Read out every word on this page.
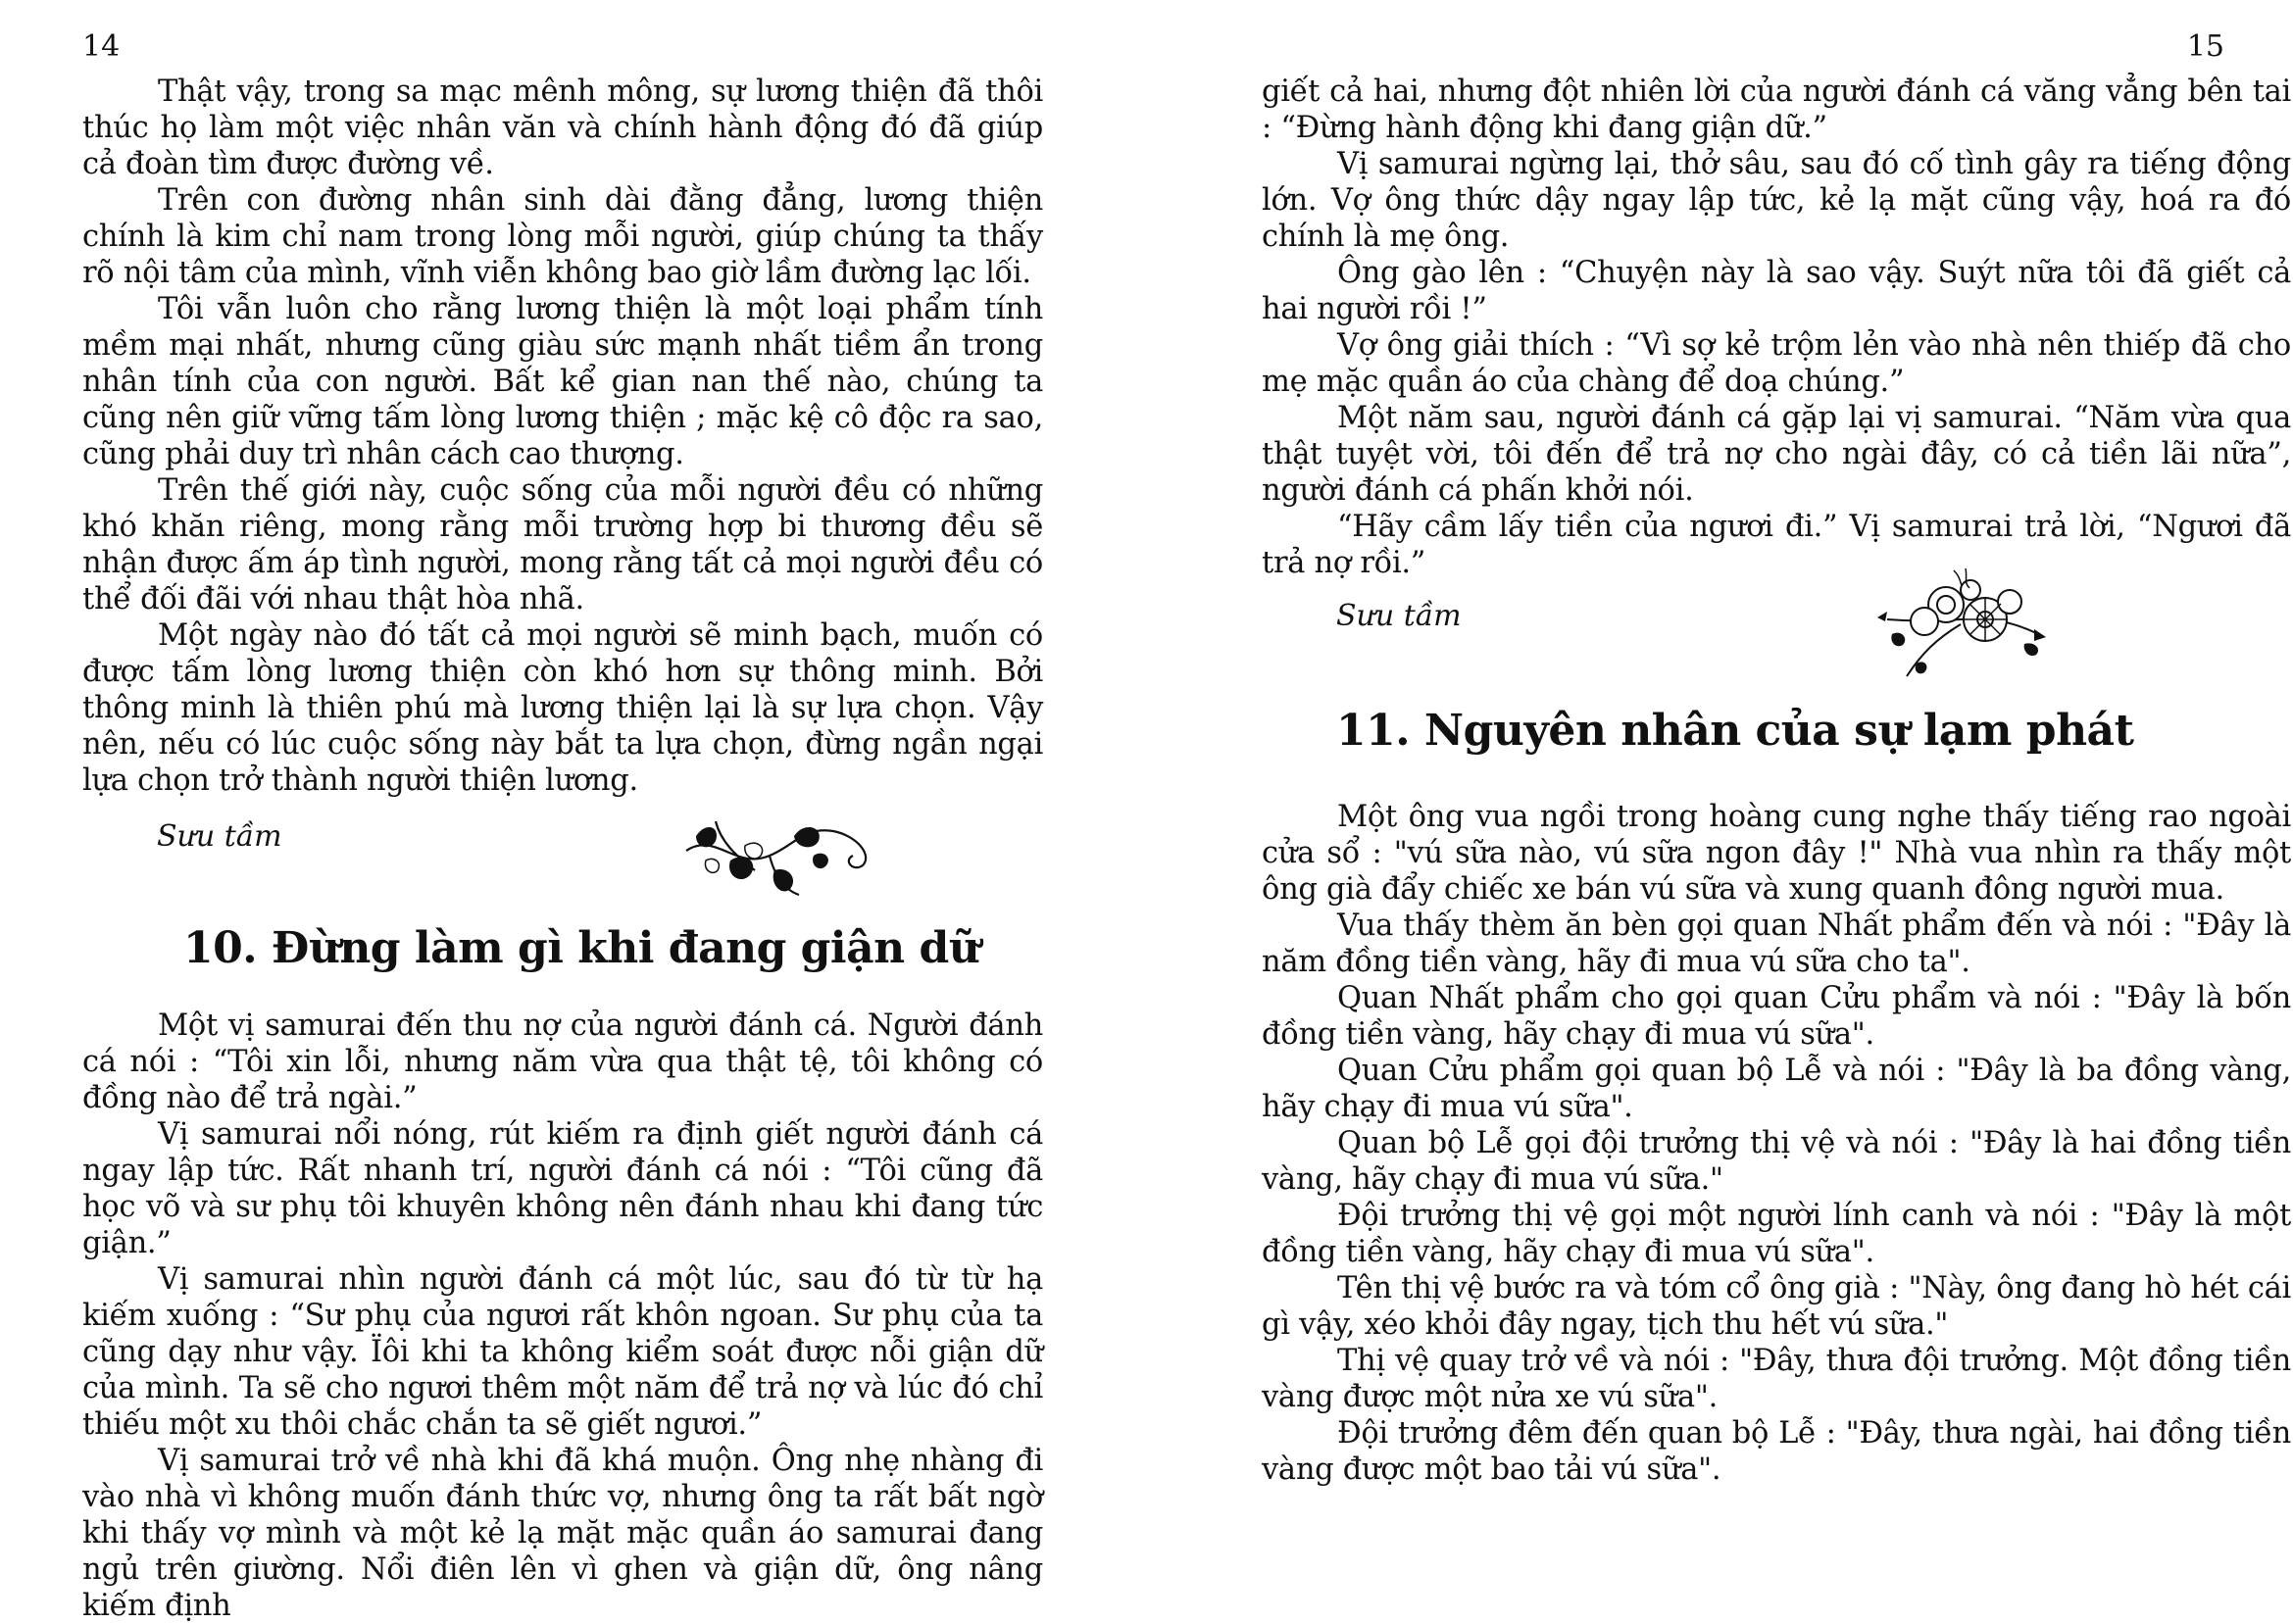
14

Thật vậy, trong sa mạc mênh mông, sự lương thiện đã thôi thúc họ làm một việc nhân văn và chính hành động đó đã giúp cả đoàn tìm được đường về.

Trên con đường nhân sinh dài đằng đẳng, lương thiện chính là kim chỉ nam trong lòng mỗi người, giúp chúng ta thấy rõ nội tâm của mình, vĩnh viễn không bao giờ lầm đường lạc lối.

Tôi vẫn luôn cho rằng lương thiện là một loại phẩm tính mềm mại nhất, nhưng cũng giàu sức mạnh nhất tiềm ẩn trong nhân tính của con người. Bất kể gian nan thế nào, chúng ta cũng nên giữ vững tấm lòng lương thiện ; mặc kệ cô độc ra sao, cũng phải duy trì nhân cách cao thượng.

Trên thế giới này, cuộc sống của mỗi người đều có những khó khăn riêng, mong rằng mỗi trường hợp bi thương đều sẽ nhận được ấm áp tình người, mong rằng tất cả mọi người đều có thể đối đãi với nhau thật hòa nhã.

Một ngày nào đó tất cả mọi người sẽ minh bạch, muốn có được tấm lòng lương thiện còn khó hơn sự thông minh. Bởi thông minh là thiên phú mà lương thiện lại là sự lựa chọn. Vậy nên, nếu có lúc cuộc sống này bắt ta lựa chọn, đừng ngần ngại lựa chọn trở thành người thiện lương.

Sưu tầm
10. Đừng làm gì khi đang giận dữ

Một vị samurai đến thu nợ của người đánh cá. Người đánh cá nói : “Tôi xin lỗi, nhưng năm vừa qua thật tệ, tôi không có đồng nào để trả ngài.”

Vị samurai nổi nóng, rút kiếm ra định giết người đánh cá ngay lập tức. Rất nhanh trí, người đánh cá nói : “Tôi cũng đã học võ và sư phụ tôi khuyên không nên đánh nhau khi đang tức giận.”

Vị samurai nhìn người đánh cá một lúc, sau đó từ từ hạ kiếm xuống : “Sư phụ của ngươi rất khôn ngoan. Sư phụ của ta cũng dạy như vậy. Ïôi khi ta không kiểm soát được nỗi giận dữ của mình. Ta sẽ cho ngươi thêm một năm để trả nợ và lúc đó chỉ thiếu một xu thôi chắc chắn ta sẽ giết ngươi.”

Vị samurai trở về nhà khi đã khá muộn. Ông nhẹ nhàng đi vào nhà vì không muốn đánh thức vợ, nhưng ông ta rất bất ngờ khi thấy vợ mình và một kẻ lạ mặt mặc quần áo samurai đang ngủ trên giường. Nổi điên lên vì ghen và giận dữ, ông nâng kiếm định

15

giết cả hai, nhưng đột nhiên lời của người đánh cá văng vẳng bên tai : “Đừng hành động khi đang giận dữ.”

Vị samurai ngừng lại, thở sâu, sau đó cố tình gây ra tiếng động lớn. Vợ ông thức dậy ngay lập tức, kẻ lạ mặt cũng vậy, hoá ra đó chính là mẹ ông.

Ông gào lên : “Chuyện này là sao vậy. Suýt nữa tôi đã giết cả hai người rồi !”

Vợ ông giải thích : “Vì sợ kẻ trộm lẻn vào nhà nên thiếp đã cho mẹ mặc quần áo của chàng để doạ chúng.”

Một năm sau, người đánh cá gặp lại vị samurai. “Năm vừa qua thật tuyệt vời, tôi đến để trả nợ cho ngài đây, có cả tiền lãi nữa”, người đánh cá phấn khởi nói.

“Hãy cầm lấy tiền của ngươi đi.” Vị samurai trả lời, “Ngươi đã trả nợ rồi.”

Sưu tầm
11. Nguyên nhân của sự lạm phát

Một ông vua ngồi trong hoàng cung nghe thấy tiếng rao ngoài cửa sổ : "vú sữa nào, vú sữa ngon đây !" Nhà vua nhìn ra thấy một ông già đẩy chiếc xe bán vú sữa và xung quanh đông người mua.

Vua thấy thèm ăn bèn gọi quan Nhất phẩm đến và nói : "Đây là năm đồng tiền vàng, hãy đi mua vú sữa cho ta".

Quan Nhất phẩm cho gọi quan Cửu phẩm và nói : "Đây là bốn đồng tiền vàng, hãy chạy đi mua vú sữa".

Quan Cửu phẩm gọi quan bộ Lễ và nói : "Đây là ba đồng vàng, hãy chạy đi mua vú sữa".

Quan bộ Lễ gọi đội trưởng thị vệ và nói : "Đây là hai đồng tiền vàng, hãy chạy đi mua vú sữa."

Đội trưởng thị vệ gọi một người lính canh và nói : "Đây là một đồng tiền vàng, hãy chạy đi mua vú sữa".

Tên thị vệ bước ra và tóm cổ ông già : "Này, ông đang hò hét cái gì vậy, xéo khỏi đây ngay, tịch thu hết vú sữa."

Thị vệ quay trở về và nói : "Đây, thưa đội trưởng. Một đồng tiền vàng được một nửa xe vú sữa".

Đội trưởng đêm đến quan bộ Lễ : "Đây, thưa ngài, hai đồng tiền vàng được một bao tải vú sữa".
